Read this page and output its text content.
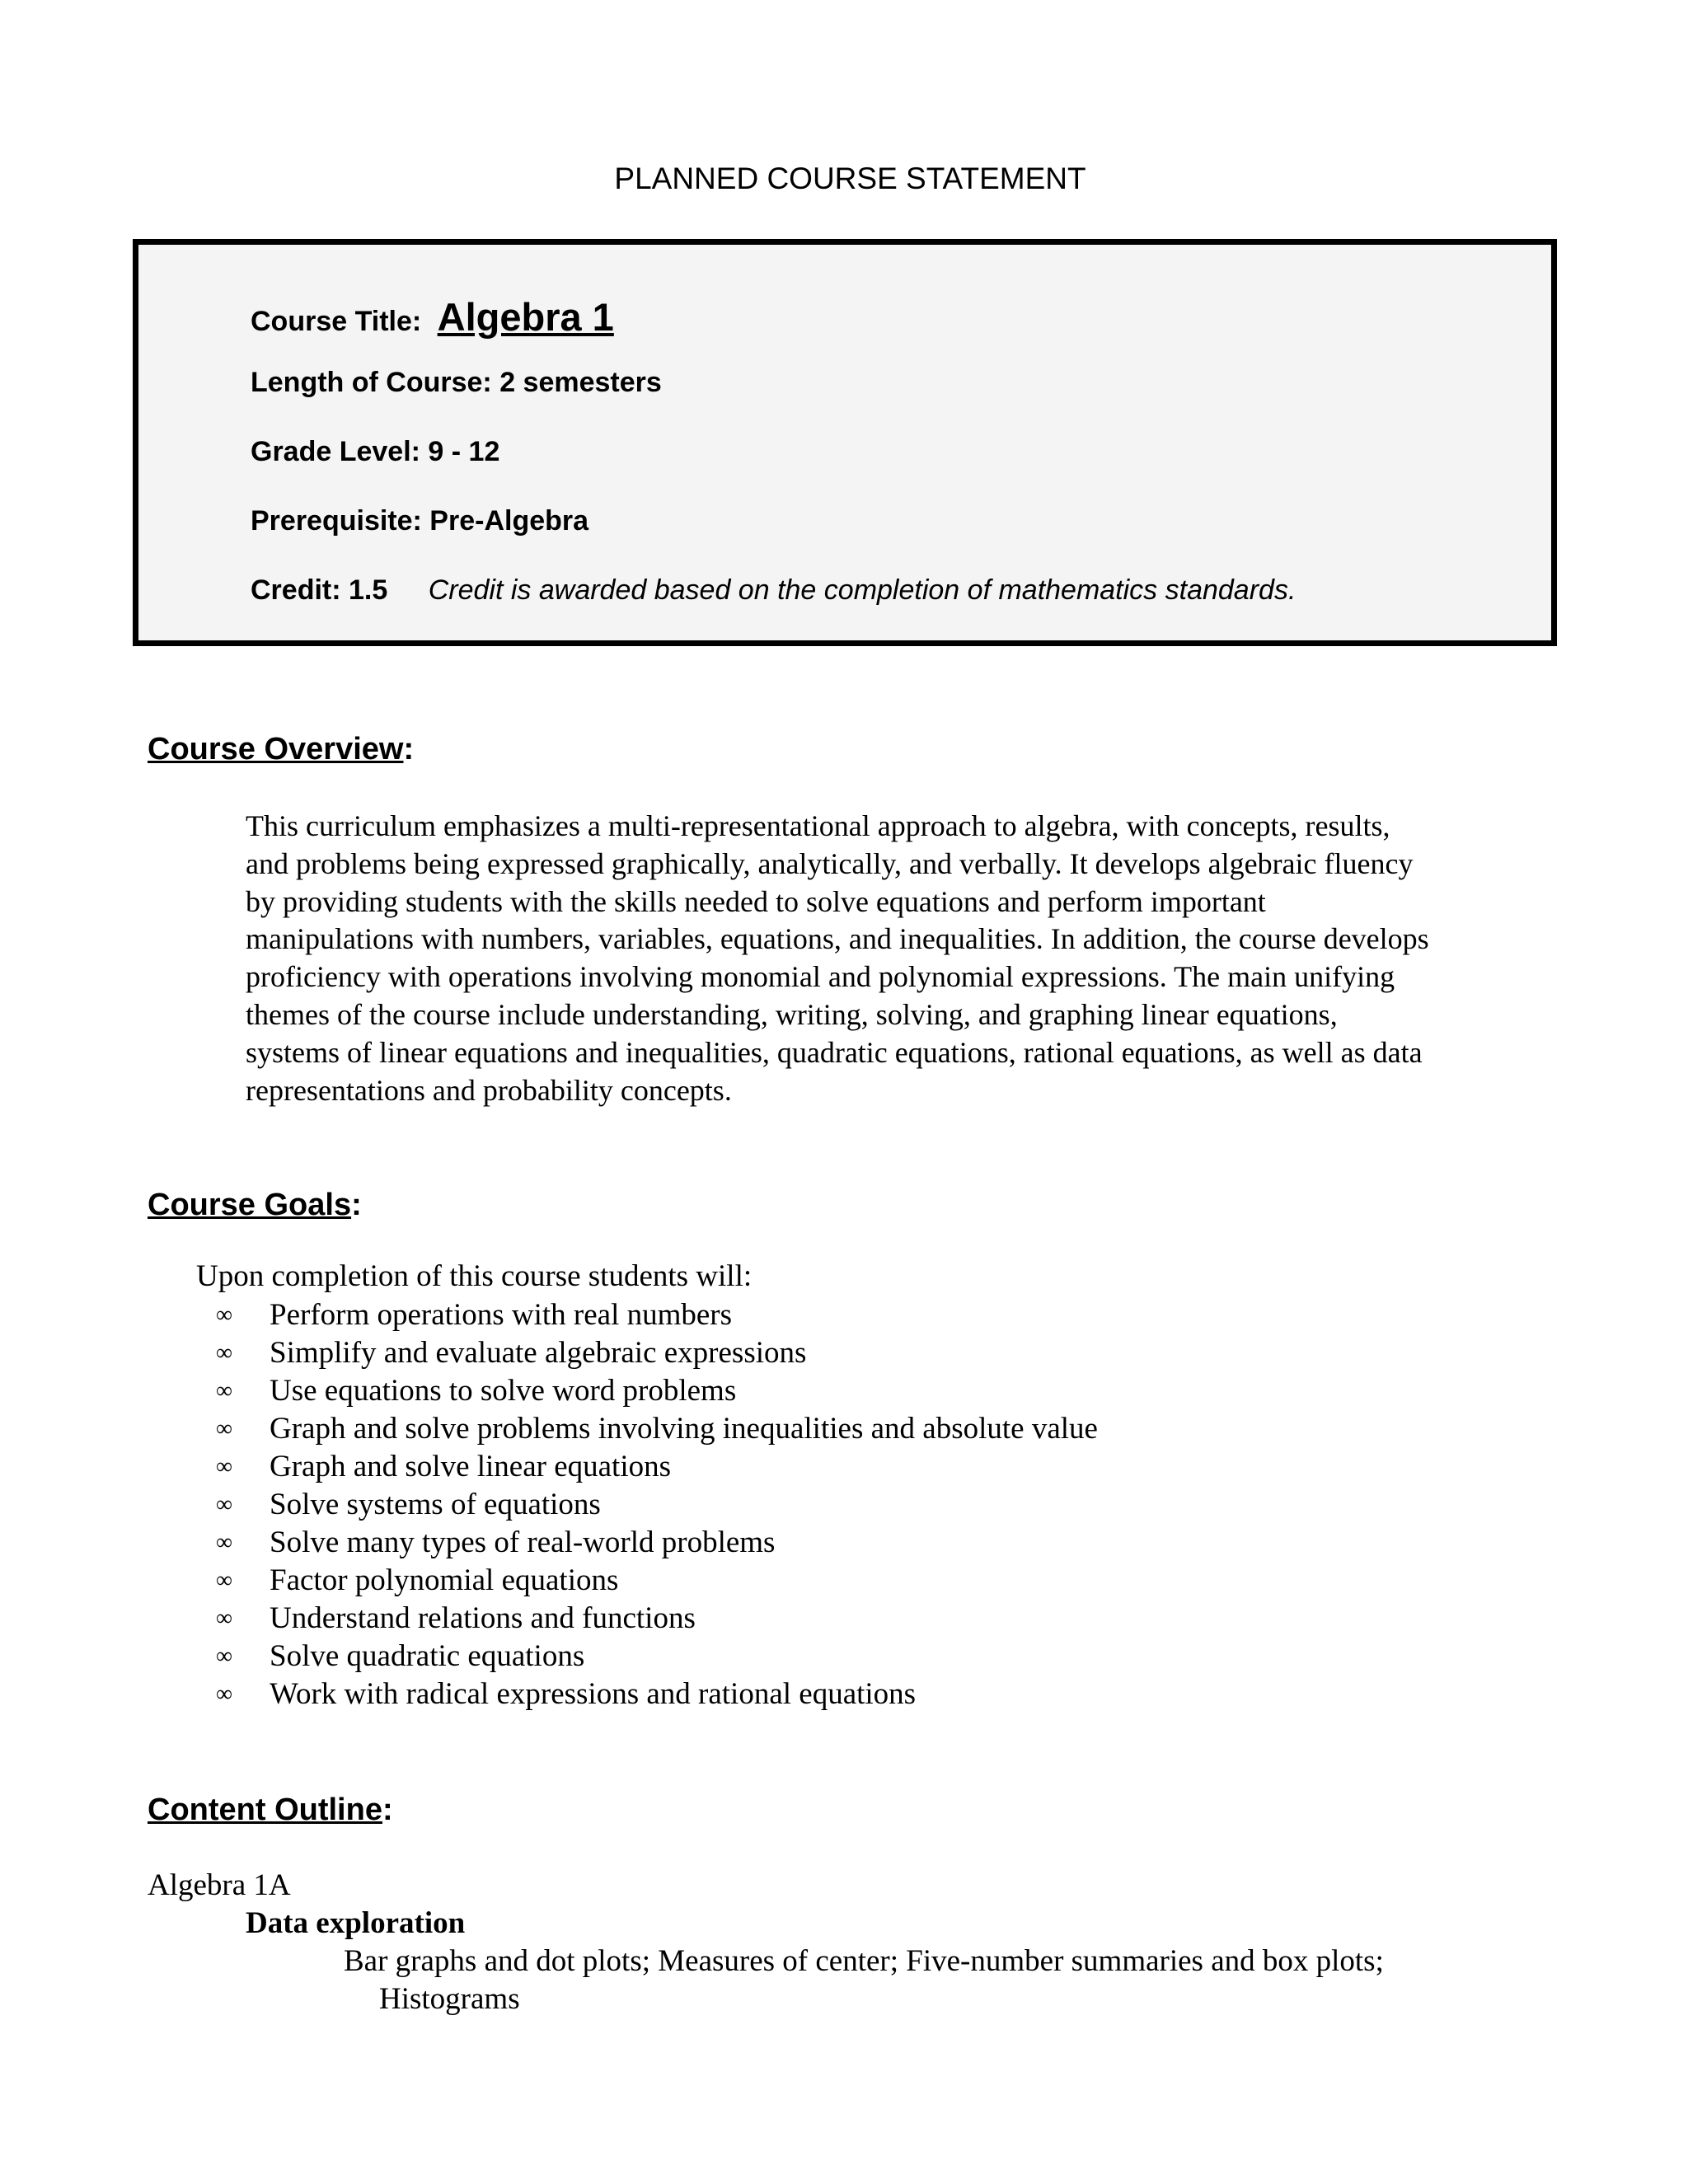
PLANNED COURSE STATEMENT
Course Title: Algebra 1
Length of Course: 2 semesters
Grade Level: 9 - 12
Prerequisite: Pre-Algebra
Credit: 1.5 Credit is awarded based on the completion of mathematics standards.
Course Overview:
This curriculum emphasizes a multi-representational approach to algebra, with concepts, results,
and problems being expressed graphically, analytically, and verbally. It develops algebraic fluency
by providing students with the skills needed to solve equations and perform important
manipulations with numbers, variables, equations, and inequalities. In addition, the course develops
proficiency with operations involving monomial and polynomial expressions. The main unifying
themes of the course include understanding, writing, solving, and graphing linear equations,
systems of linear equations and inequalities, quadratic equations, rational equations, as well as data
representations and probability concepts.
Course Goals:
Upon completion of this course students will:
∞	Perform operations with real numbers
∞	Simplify and evaluate algebraic expressions
∞	Use equations to solve word problems
∞	Graph and solve problems involving inequalities and absolute value
∞	Graph and solve linear equations
∞	Solve systems of equations
∞	Solve many types of real-world problems
∞	Factor polynomial equations
∞	Understand relations and functions
∞	Solve quadratic equations
∞	Work with radical expressions and rational equations
Content Outline:
Algebra 1A
Data exploration
Bar graphs and dot plots; Measures of center; Five-number summaries and box plots;
Histograms
